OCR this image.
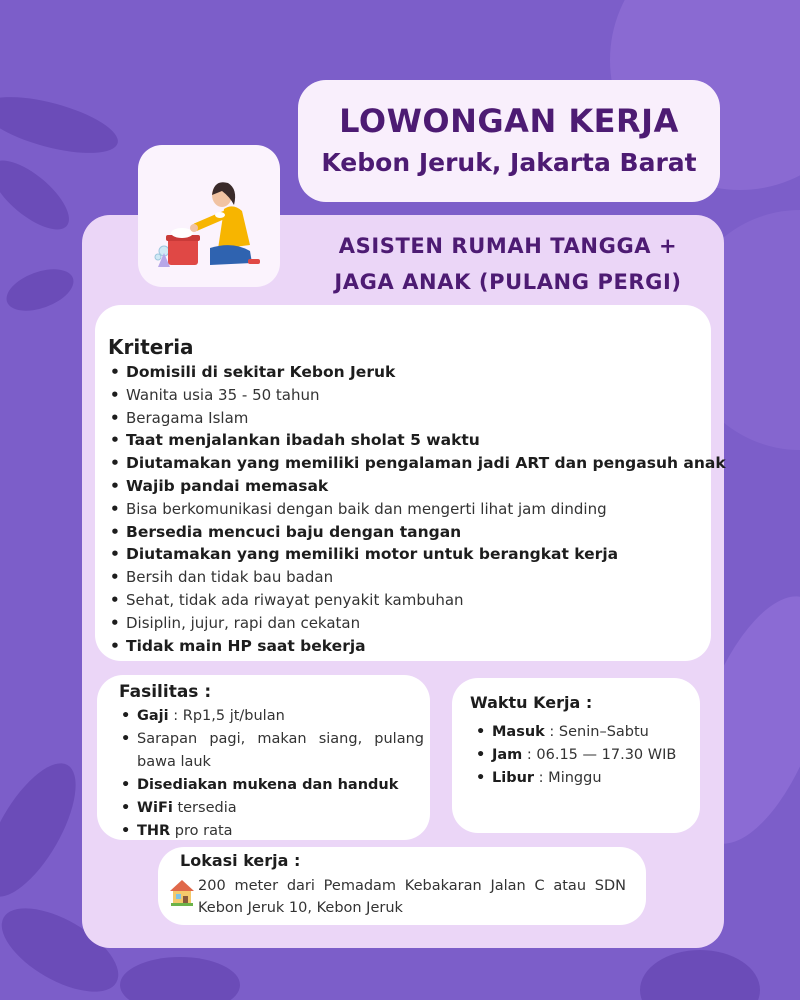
LOWONGAN KERJA
Kebon Jeruk, Jakarta Barat
ASISTEN RUMAH TANGGA +
JAGA ANAK (PULANG PERGI)
Kriteria
• Domisili di sekitar Kebon Jeruk
• Wanita usia 35 - 50 tahun
• Beragama Islam
• Taat menjalankan ibadah sholat 5 waktu
• Diutamakan yang memiliki pengalaman jadi ART dan pengasuh anak
• Wajib pandai memasak
• Bisa berkomunikasi dengan baik dan mengerti lihat jam dinding
• Bersedia mencuci baju dengan tangan
• Diutamakan yang memiliki motor untuk berangkat kerja
• Bersih dan tidak bau badan
• Sehat, tidak ada riwayat penyakit kambuhan
• Disiplin, jujur, rapi dan cekatan
• Tidak main HP saat bekerja
Fasilitas :
• Gaji : Rp1,5 jt/bulan
• Sarapan pagi, makan siang, pulang bawa lauk
• Disediakan mukena dan handuk
• WiFi tersedia
• THR pro rata
Waktu Kerja :
• Masuk : Senin–Sabtu
• Jam : 06.15 — 17.30 WIB
• Libur : Minggu
Lokasi kerja :
200 meter dari Pemadam Kebakaran Jalan C atau SDN Kebon Jeruk 10, Kebon Jeruk
